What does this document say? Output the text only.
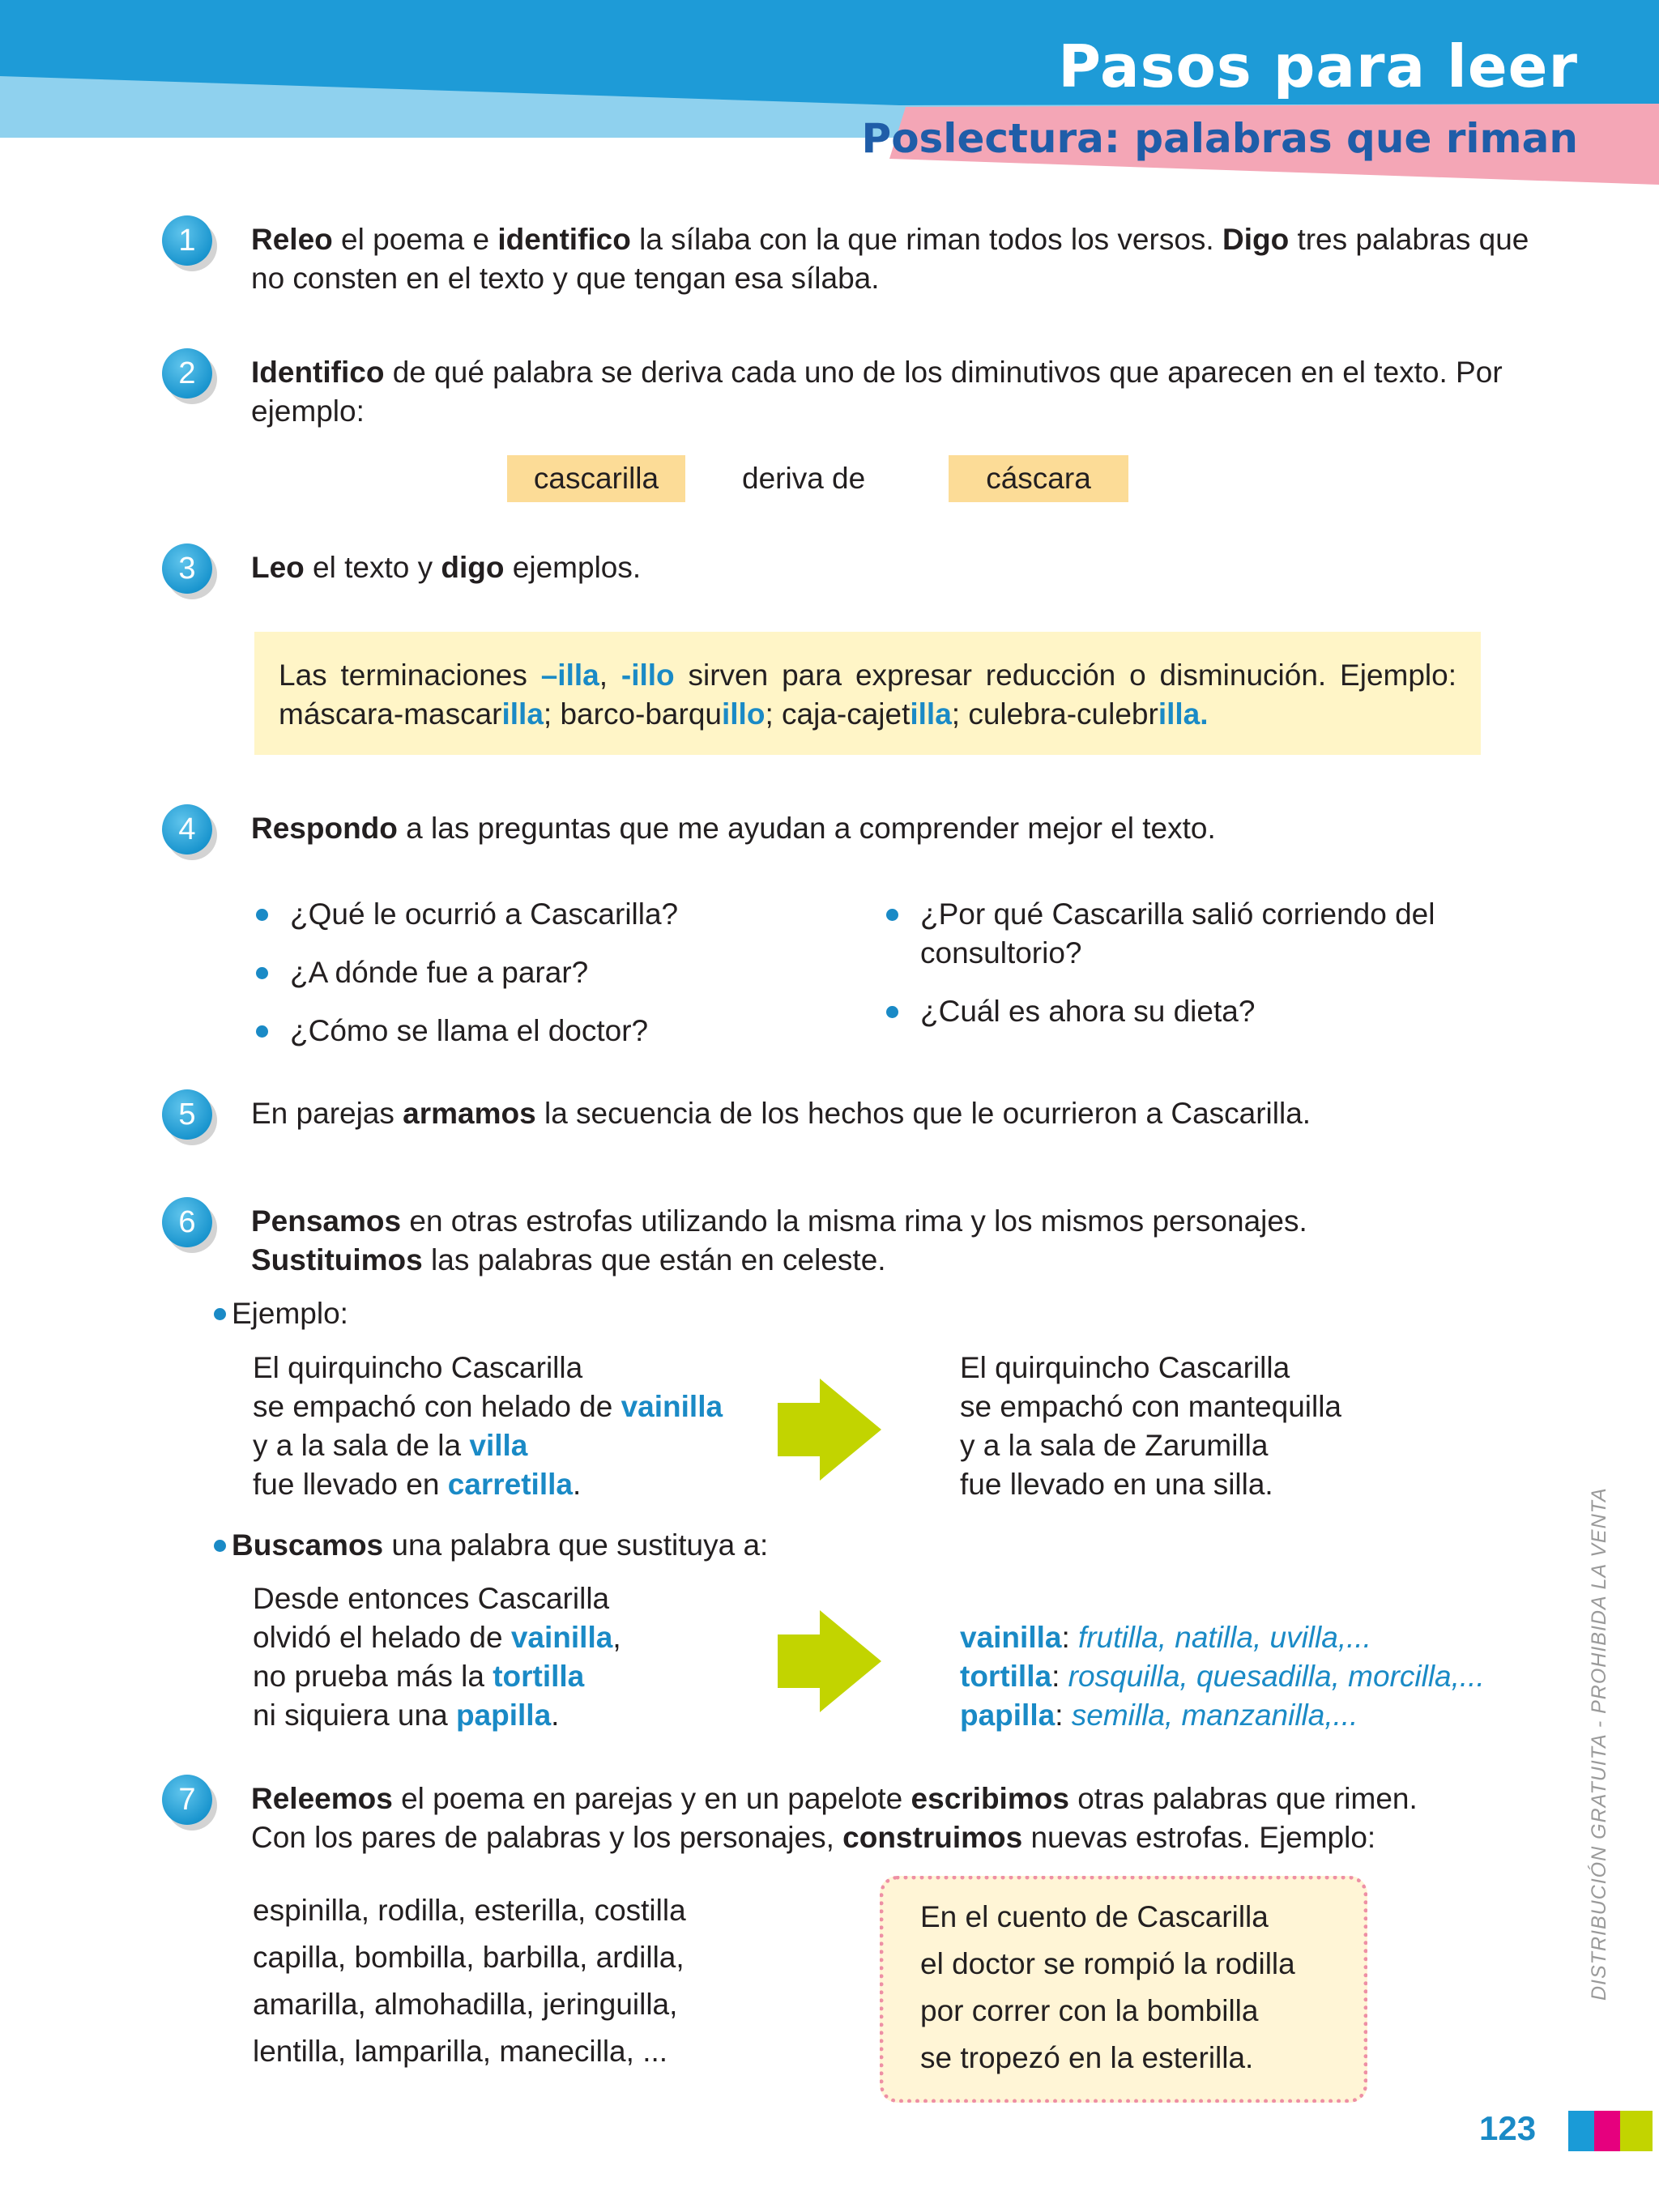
Pasos para leer
Poslectura: palabras que riman
1	Releo el poema e identifico la sílaba con la que riman todos los versos. Digo tres palabras que no consten en el texto y que tengan esa sílaba.
2	Identifico de qué palabra se deriva cada uno de los diminutivos que aparecen en el texto. Por ejemplo:
cascarilla	deriva de	cáscara
3	Leo el texto y digo ejemplos.
Las terminaciones –illa, -illo sirven para expresar reducción o disminución. Ejemplo: máscara-mascarilla; barco-barquillo; caja-cajetilla; culebra-culebrilla.
4	Respondo a las preguntas que me ayudan a comprender mejor el texto.
¿Qué le ocurrió a Cascarilla?
¿A dónde fue a parar?
¿Cómo se llama el doctor?
¿Por qué Cascarilla salió corriendo del consultorio?
¿Cuál es ahora su dieta?
5	En parejas armamos la secuencia de los hechos que le ocurrieron a Cascarilla.
6	Pensamos en otras estrofas utilizando la misma rima y los mismos personajes.
Sustituimos las palabras que están en celeste.
Ejemplo:
El quirquincho Cascarilla
se empachó con helado de vainilla
y a la sala de la villa
fue llevado en carretilla.
El quirquincho Cascarilla
se empachó con mantequilla
y a la sala de Zarumilla
fue llevado en una silla.
Buscamos una palabra que sustituya a:
Desde entonces Cascarilla
olvidó el helado de vainilla,
no prueba más la tortilla
ni siquiera una papilla.
vainilla: frutilla, natilla, uvilla,...
tortilla: rosquilla, quesadilla, morcilla,...
papilla: semilla, manzanilla,...
7	Releemos el poema en parejas y en un papelote escribimos otras palabras que rimen.
Con los pares de palabras y los personajes, construimos nuevas estrofas. Ejemplo:
espinilla, rodilla, esterilla, costilla
capilla, bombilla, barbilla, ardilla,
amarilla, almohadilla, jeringuilla,
lentilla, lamparilla, manecilla, ...
En el cuento de Cascarilla
el doctor se rompió la rodilla
por correr con la bombilla
se tropezó en la esterilla.
DISTRIBUCIÓN GRATUITA - PROHIBIDA LA VENTA
123
